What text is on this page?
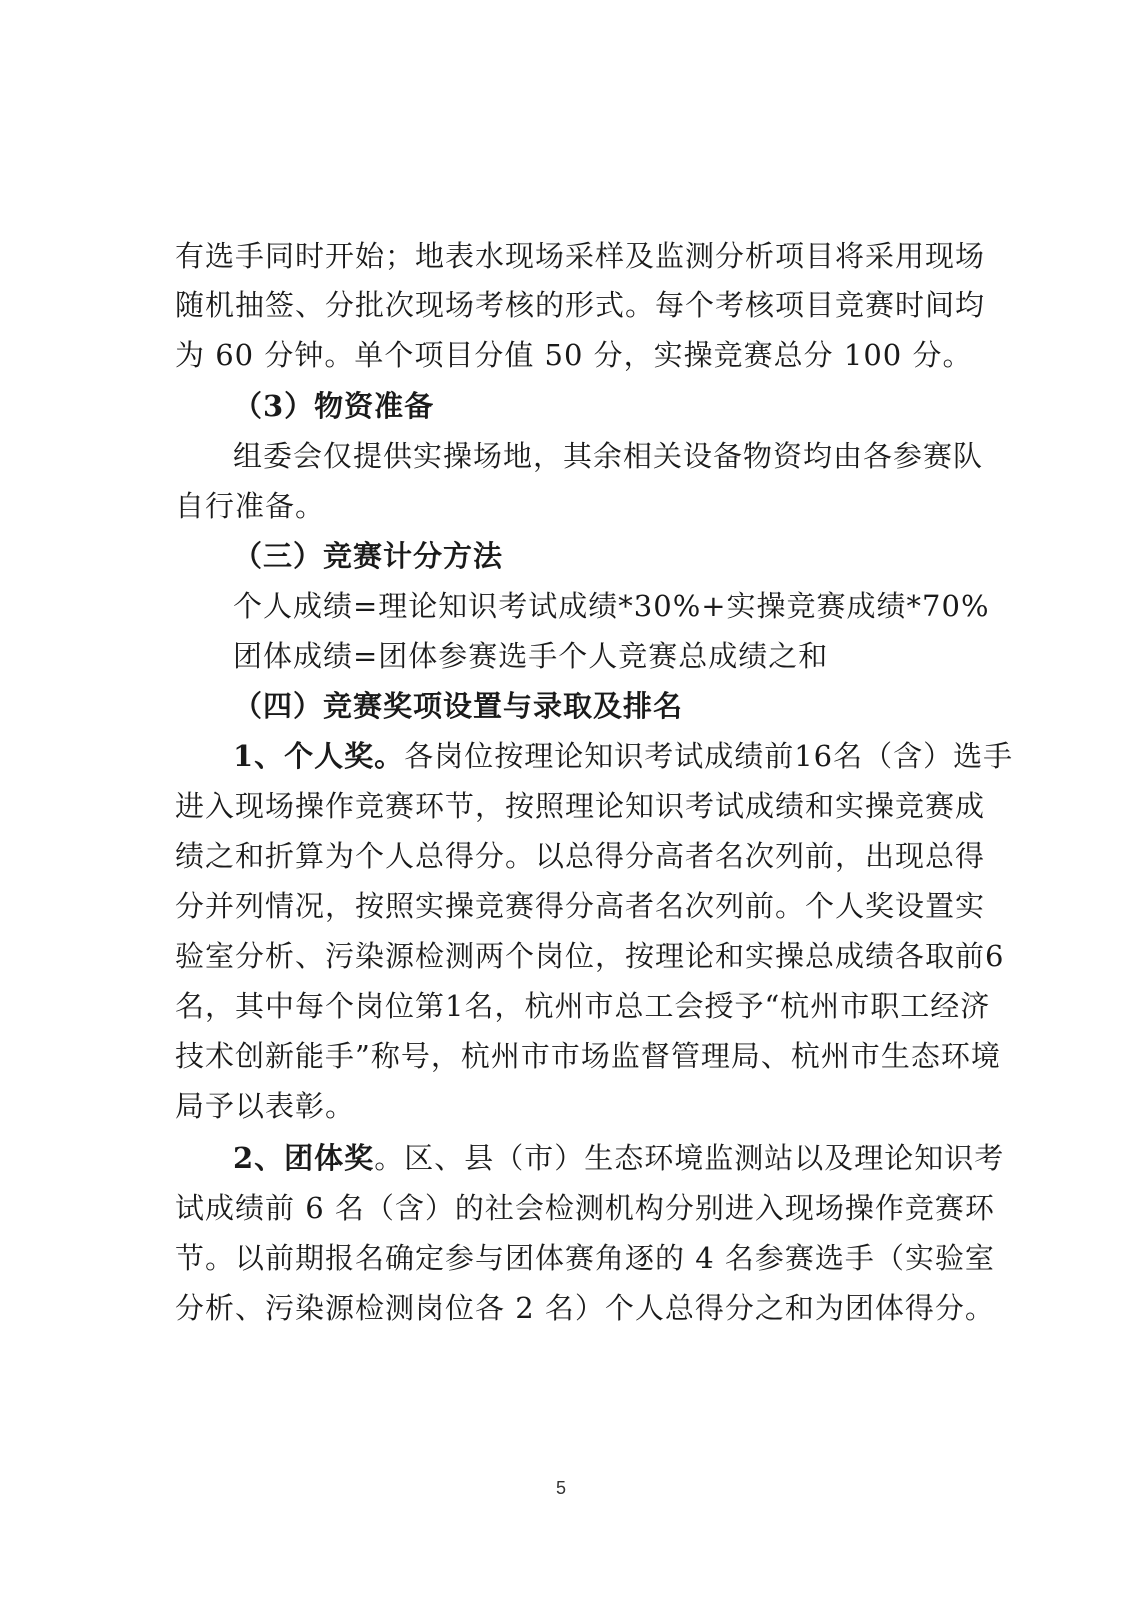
有选手同时开始；地表水现场采样及监测分析项目将采用现场
随机抽签、分批次现场考核的形式。每个考核项目竞赛时间均
为 60 分钟。单个项目分值 50 分，实操竞赛总分 100 分。
（3）物资准备
组委会仅提供实操场地，其余相关设备物资均由各参赛队
自行准备。
（三）竞赛计分方法
个人成绩=理论知识考试成绩*30%+实操竞赛成绩*70%
团体成绩=团体参赛选手个人竞赛总成绩之和
（四）竞赛奖项设置与录取及排名
1、个人奖。各岗位按理论知识考试成绩前16名（含）选手
进入现场操作竞赛环节，按照理论知识考试成绩和实操竞赛成
绩之和折算为个人总得分。以总得分高者名次列前，出现总得
分并列情况，按照实操竞赛得分高者名次列前。个人奖设置实
验室分析、污染源检测两个岗位，按理论和实操总成绩各取前6
名，其中每个岗位第1名，杭州市总工会授予“杭州市职工经济
技术创新能手”称号，杭州市市场监督管理局、杭州市生态环境
局予以表彰。
2、团体奖。区、县（市）生态环境监测站以及理论知识考
试成绩前 6 名（含）的社会检测机构分别进入现场操作竞赛环
节。以前期报名确定参与团体赛角逐的 4 名参赛选手（实验室
分析、污染源检测岗位各 2 名）个人总得分之和为团体得分。
5
